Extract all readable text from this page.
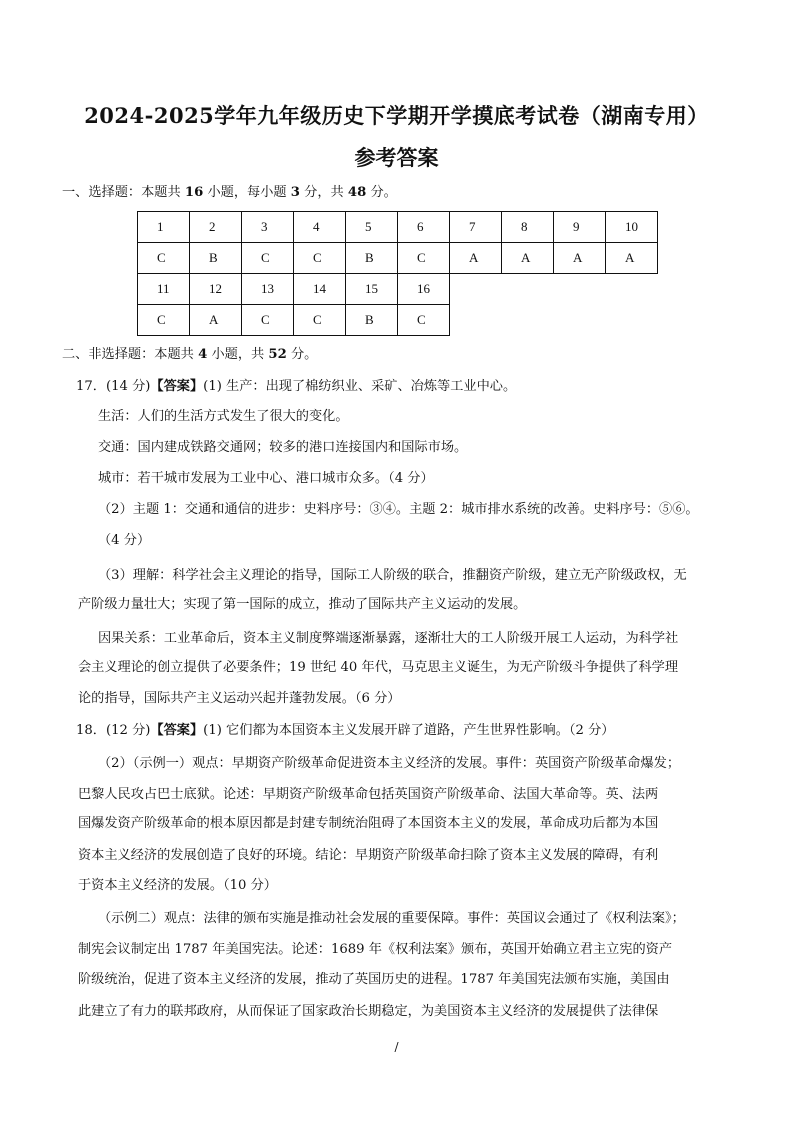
2024-2025学年九年级历史下学期开学摸底考试卷（湖南专用）
参考答案
一、选择题：本题共 16 小题，每小题 3 分，共 48 分。
1	2	3	4	5	6	7	8	9	10
C	B	C	C	B	C	A	A	A	A
11	12	13	14	15	16				
C	A	C	C	B	C				
二、非选择题：本题共 4 小题，共 52 分。
17．(14 分)【答案】(1) 生产：出现了棉纺织业、采矿、冶炼等工业中心。
生活：人们的生活方式发生了很大的变化。
交通：国内建成铁路交通网；较多的港口连接国内和国际市场。
城市：若干城市发展为工业中心、港口城市众多。（4 分）
（2）主题 1：交通和通信的进步：史料序号：③④。主题 2：城市排水系统的改善。史料序号：⑤⑥。
（4 分）
（3）理解：科学社会主义理论的指导，国际工人阶级的联合，推翻资产阶级，建立无产阶级政权，无
产阶级力量壮大；实现了第一国际的成立，推动了国际共产主义运动的发展。
因果关系：工业革命后，资本主义制度弊端逐渐暴露，逐渐壮大的工人阶级开展工人运动，为科学社
会主义理论的创立提供了必要条件；19 世纪 40 年代，马克思主义诞生，为无产阶级斗争提供了科学理
论的指导，国际共产主义运动兴起并蓬勃发展。（6 分）
18．(12 分)【答案】(1) 它们都为本国资本主义发展开辟了道路，产生世界性影响。（2 分）
（2）（示例一）观点：早期资产阶级革命促进资本主义经济的发展。事件：英国资产阶级革命爆发；
巴黎人民攻占巴士底狱。论述：早期资产阶级革命包括英国资产阶级革命、法国大革命等。英、法两
国爆发资产阶级革命的根本原因都是封建专制统治阻碍了本国资本主义的发展，革命成功后都为本国
资本主义经济的发展创造了良好的环境。结论：早期资产阶级革命扫除了资本主义发展的障碍，有利
于资本主义经济的发展。（10 分）
（示例二）观点：法律的颁布实施是推动社会发展的重要保障。事件：英国议会通过了《权利法案》；
制宪会议制定出 1787 年美国宪法。论述：1689 年《权利法案》颁布，英国开始确立君主立宪的资产
阶级统治，促进了资本主义经济的发展，推动了英国历史的进程。1787 年美国宪法颁布实施，美国由
此建立了有力的联邦政府，从而保证了国家政治长期稳定，为美国资本主义经济的发展提供了法律保
/
